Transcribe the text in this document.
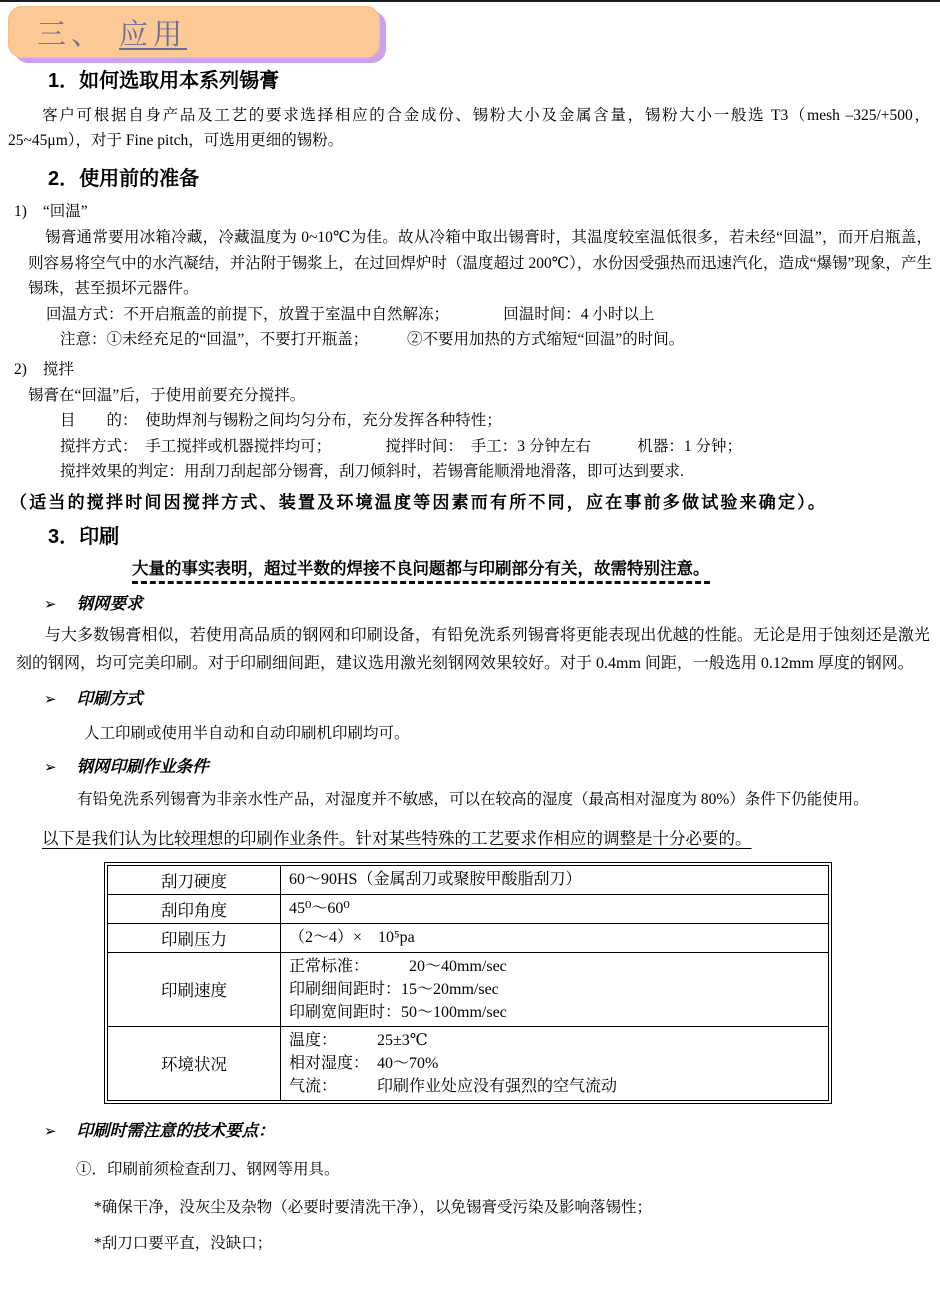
三、 应用
1．如何选取用本系列锡膏
客户可根据自身产品及工艺的要求选择相应的合金成份、锡粉大小及金属含量，锡粉大小一般选 T3（mesh –325/+500，25~45μm），对于 Fine pitch，可选用更细的锡粉。
2．使用前的准备
1) “回温”
锡膏通常要用冰箱冷藏，冷藏温度为 0~10℃为佳。故从冷箱中取出锡膏时，其温度较室温低很多，若未经“回温”，而开启瓶盖，则容易将空气中的水汽凝结，并沾附于锡浆上，在过回焊炉时（温度超过 200℃），水份因受强热而迅速汽化，造成“爆锡”现象，产生锡珠，甚至损坏元器件。
回温方式：不开启瓶盖的前提下，放置于室温中自然解冻；　　　　回温时间：4 小时以上
注意：①未经充足的“回温”，不要打开瓶盖；　　　②不要用加热的方式缩短“回温”的时间。
2) 搅拌
锡膏在“回温”后，于使用前要充分搅拌。
目　　的：　使助焊剂与锡粉之间均匀分布，充分发挥各种特性；
搅拌方式：　手工搅拌或机器搅拌均可；　　　　搅拌时间：　手工：3 分钟左右　　　机器：1 分钟；
搅拌效果的判定：用刮刀刮起部分锡膏，刮刀倾斜时，若锡膏能顺滑地滑落，即可达到要求.
（适当的搅拌时间因搅拌方式、装置及环境温度等因素而有所不同，应在事前多做试验来确定）。
3．印刷
大量的事实表明，超过半数的焊接不良问题都与印刷部分有关，故需特别注意。
➢ 钢网要求
与大多数锡膏相似，若使用高品质的钢网和印刷设备，有铅免洗系列锡膏将更能表现出优越的性能。无论是用于蚀刻还是激光刻的钢网，均可完美印刷。对于印刷细间距，建议选用激光刻钢网效果较好。对于 0.4mm 间距，一般选用 0.12mm 厚度的钢网。
➢ 印刷方式
人工印刷或使用半自动和自动印刷机印刷均可。
➢ 钢网印刷作业条件
有铅免洗系列锡膏为非亲水性产品，对湿度并不敏感，可以在较高的湿度（最高相对湿度为 80%）条件下仍能使用。
以下是我们认为比较理想的印刷作业条件。针对某些特殊的工艺要求作相应的调整是十分必要的。
刮刀硬度	60～90HS（金属刮刀或聚胺甲酸脂刮刀）

刮印角度	45⁰～60⁰

印刷压力	（2～4）×　10⁵pa

印刷速度	正常标准：　　　20～40mm/sec
印刷细间距时：15～20mm/sec
印刷宽间距时：50～100mm/sec

环境状况	温度：　　　25±3℃
相对湿度：　40～70%
气流：　　　印刷作业处应没有强烈的空气流动
➢ 印刷时需注意的技术要点：
①．印刷前须检查刮刀、钢网等用具。
*确保干净，没灰尘及杂物（必要时要清洗干净），以免锡膏受污染及影响落锡性；
*刮刀口要平直，没缺口；
